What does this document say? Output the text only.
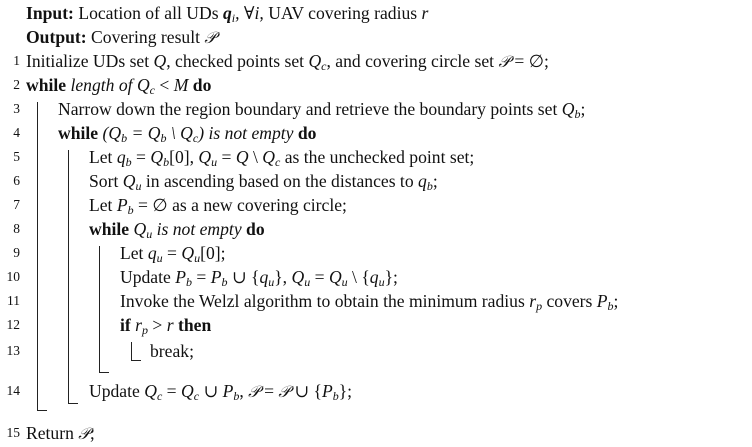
Input: Location of all UDs $q_i$, ∀i, UAV covering radius r
Output: Covering result 𝒫
1 Initialize UDs set Q, checked points set $Q_c$, and covering circle set 𝒫 = ∅;
2 while length of $Q_c < M$ do
3 Narrow down the region boundary and retrieve the boundary points set $Q_b$;
4 while ($Q_b = Q_b$ \ $Q_c$) is not empty do
5	Let $q_b = Q_b[0]$, $Q_u = Q$ \ $Q_c$ as the unchecked point set;
6	Sort $Q_u$ in ascending based on the distances to $q_b$;
7	Let $P_b$ = ∅ as a new covering circle;
8	while $Q_u$ is not empty do
9	Let $q_u = Q_u[0]$;
10	Update $P_b = P_b$ ∪ $\{q_u\}$, $Q_u = Q_u$ \ $\{q_u\}$;
11	Invoke the Welzl algorithm to obtain the minimum radius $r_p$ covers $P_b$;
12	if $r_p > r$ then
13	break;
14	Update $Q_c = Q_c$ ∪ $P_b$, 𝒫 = 𝒫 ∪ $\{P_b\}$;
15 Return 𝒫;
